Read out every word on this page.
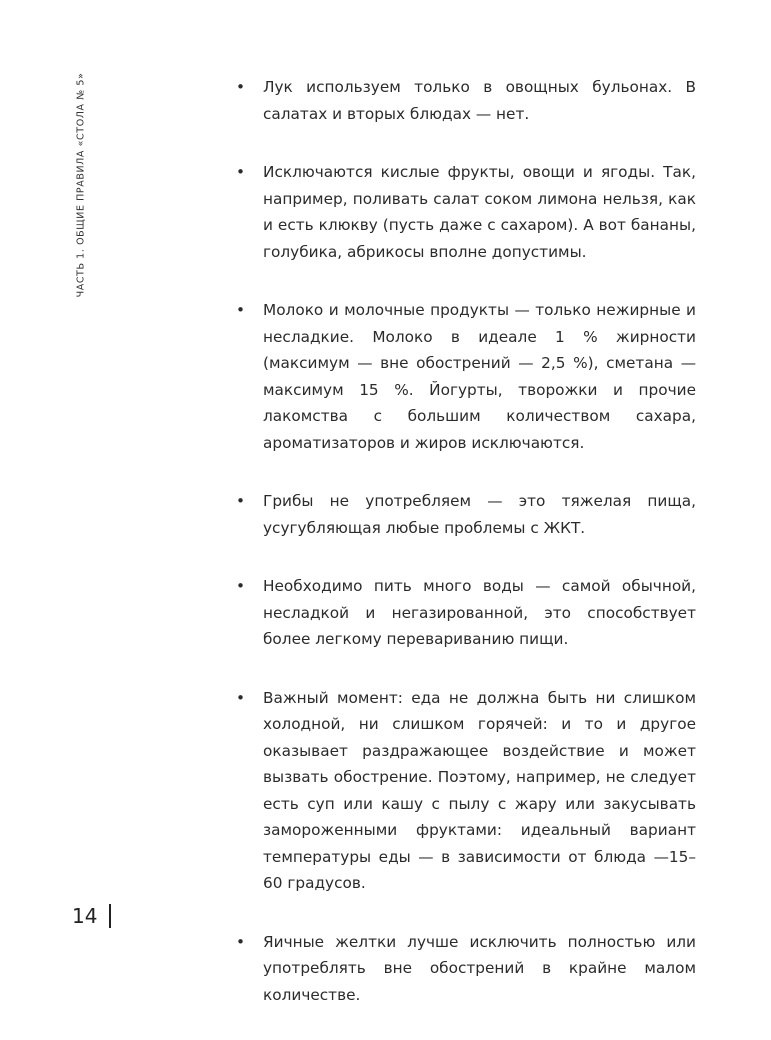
ЧАСТЬ 1. ОБЩИЕ ПРАВИЛА «СТОЛА № 5»	• Лук используем только в овощных бульонах. В салатах и вторых блюдах — нет.
• Исключаются кислые фрукты, овощи и ягоды. Так, например, поливать салат соком лимона нельзя, как и есть клюкву (пусть даже с сахаром). А вот бананы, голубика, абрикосы вполне допустимы.
• Молоко и молочные продукты — только нежирные и несладкие. Молоко в идеале 1 % жирности (максимум — вне обострений — 2,5 %), сметана — максимум 15 %. Йогурты, творожки и прочие лакомства с большим количеством сахара, ароматизаторов и жиров исключаются.
• Грибы не употребляем — это тяжелая пища, усугубляющая любые проблемы с ЖКТ.
• Необходимо пить много воды — самой обычной, несладкой и негазированной, это способствует более легкому перевариванию пищи.
• Важный момент: еда не должна быть ни слишком холодной, ни слишком горячей: и то и другое оказывает раздражающее воздействие и может вызвать обострение. Поэтому, например, не следует есть суп или кашу с пылу с жару или закусывать замороженными фруктами: идеальный вариант температуры еды — в зависимости от блюда —15–60 градусов.
• Яичные желтки лучше исключить полностью или употреблять вне обострений в крайне малом количестве.
14
